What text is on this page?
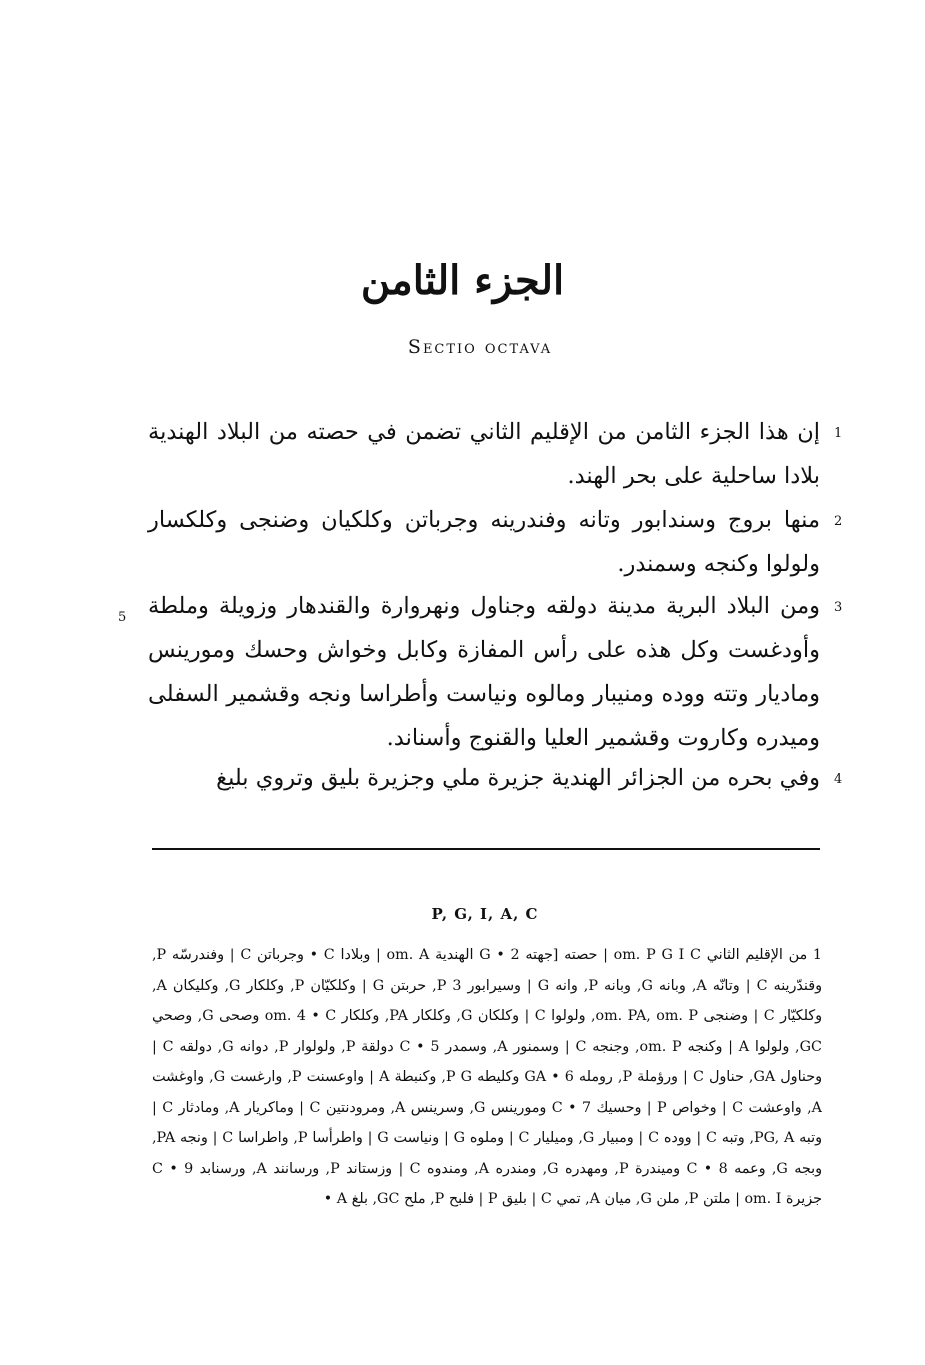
الجزء الثامن
Sectio octava
1
إن هذا الجزء الثامن من الإقليم الثاني تضمن في حصته من البلاد الهندية بلادا ساحلية على بحر الهند.
2
منها بروج وسندابور وتانه وفندرينه وجرباتن وكلكيان وضنجى وكلكسار ولولوا وكنجه وسمندر.
3
5 ومن البلاد البرية مدينة دولقه وجناول ونهروارة والقندهار وزويلة وملطة وأودغست وكل هذه على رأس المفازة وكابل وخواش وحسك ومورينس وماديار وتته ووده ومنيبار ومالوه ونياست وأطراسا ونجه وقشمير السفلى وميدره وكاروت وقشمير العليا والقنوج وأسناند.
4
وفي بحره من الجزائر الهندية جزيرة ملي وجزيرة بليق وتروي بليغ
P, G, I, A, C
1 من الإقليم الثاني om. P G I C | حصته [جهته G • 2 الهندية om. A | وبلادا C • وجرباتن C | وفندرسّه P, وقندّرينه C | وتانّه A, وبانه G, وبانه P, وانه G | وسيرابور 3 P, حربتن G | وكلكيّان P, وكلكار G, وكليكان A, وكلكيّار C | وضنجى om. PA, om. P, ولولوا C | وكلكان G, وكلكار PA, وكلكار om. 4 • C وصحى G, وصحي GC, ولولوا A | وكنجه om. P, وجنجه C | وسمنور A, وسمدر C • 5 دولقة P, ولولوار P, دوانه G, دولقه C | وحناول GA, حناول C | ورؤملة P, رومله GA • 6 وكليطه P G, وكنبطة A | واوعسنت P, وارغست G, واوغشت A, واوعشت C | وخواص P | وحسيك C • 7 ومورينس G, وسرينس A, ومرودنتين C | وماكريار A, ومادثار C | وتبه PG, A, وتبه C | ووده C | ومبيار G, وميليار C | وملوه G | ونياست G | واطرأسا P, واطراسا C | ونجه PA, وبجه G, وعمه C • 8 وميندرة P, ومهدره G, ومندره A, ومندوه C | وزستاند P, ورسانند A, ورسنابد C • 9 جزيرة om. I | ملتن P, ملن G, ميان A, تمي C | بليق P | فلبح P, ملح GC, بلغ A •
